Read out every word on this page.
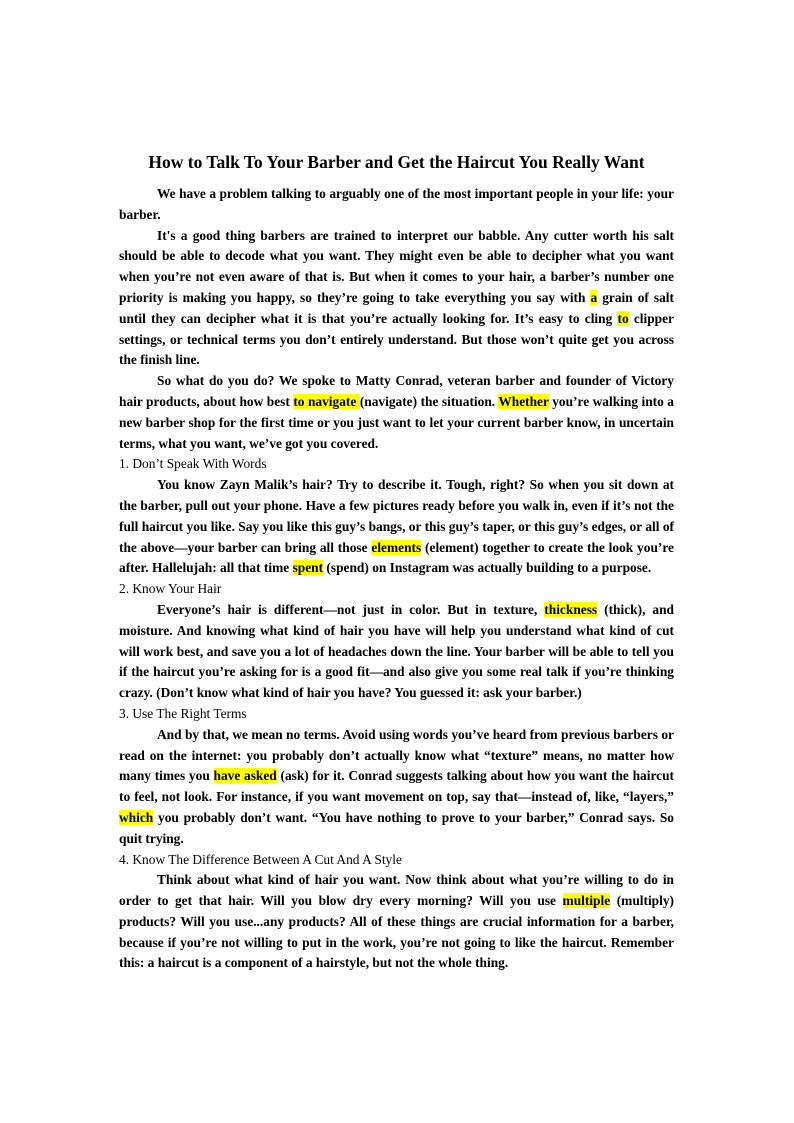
How to Talk To Your Barber and Get the Haircut You Really Want

We have a problem talking to arguably one of the most important people in your life: your barber.

It's a good thing barbers are trained to interpret our babble. Any cutter worth his salt should be able to decode what you want. They might even be able to decipher what you want when you’re not even aware of that is. But when it comes to your hair, a barber’s number one priority is making you happy, so they’re going to take everything you say with a grain of salt until they can decipher what it is that you’re actually looking for. It’s easy to cling to clipper settings, or technical terms you don’t entirely understand. But those won’t quite get you across the finish line.

So what do you do? We spoke to Matty Conrad, veteran barber and founder of Victory hair products, about how best to navigate (navigate) the situation. Whether you’re walking into a new barber shop for the first time or you just want to let your current barber know, in uncertain terms, what you want, we’ve got you covered.

1. Don’t Speak With Words

You know Zayn Malik’s hair? Try to describe it. Tough, right? So when you sit down at the barber, pull out your phone. Have a few pictures ready before you walk in, even if it’s not the full haircut you like. Say you like this guy’s bangs, or this guy’s taper, or this guy’s edges, or all of the above—your barber can bring all those elements (element) together to create the look you’re after. Hallelujah: all that time spent (spend) on Instagram was actually building to a purpose.

2. Know Your Hair

Everyone’s hair is different—not just in color. But in texture, thickness (thick), and moisture. And knowing what kind of hair you have will help you understand what kind of cut will work best, and save you a lot of headaches down the line. Your barber will be able to tell you if the haircut you’re asking for is a good fit—and also give you some real talk if you’re thinking crazy. (Don’t know what kind of hair you have? You guessed it: ask your barber.)

3. Use The Right Terms

And by that, we mean no terms. Avoid using words you’ve heard from previous barbers or read on the internet: you probably don’t actually know what “texture” means, no matter how many times you have asked (ask) for it. Conrad suggests talking about how you want the haircut to feel, not look. For instance, if you want movement on top, say that—instead of, like, “layers,” which you probably don’t want. “You have nothing to prove to your barber,” Conrad says. So quit trying.

4. Know The Difference Between A Cut And A Style

Think about what kind of hair you want. Now think about what you’re willing to do in order to get that hair. Will you blow dry every morning? Will you use multiple (multiply) products? Will you use...any products? All of these things are crucial information for a barber, because if you’re not willing to put in the work, you’re not going to like the haircut. Remember this: a haircut is a component of a hairstyle, but not the whole thing.
